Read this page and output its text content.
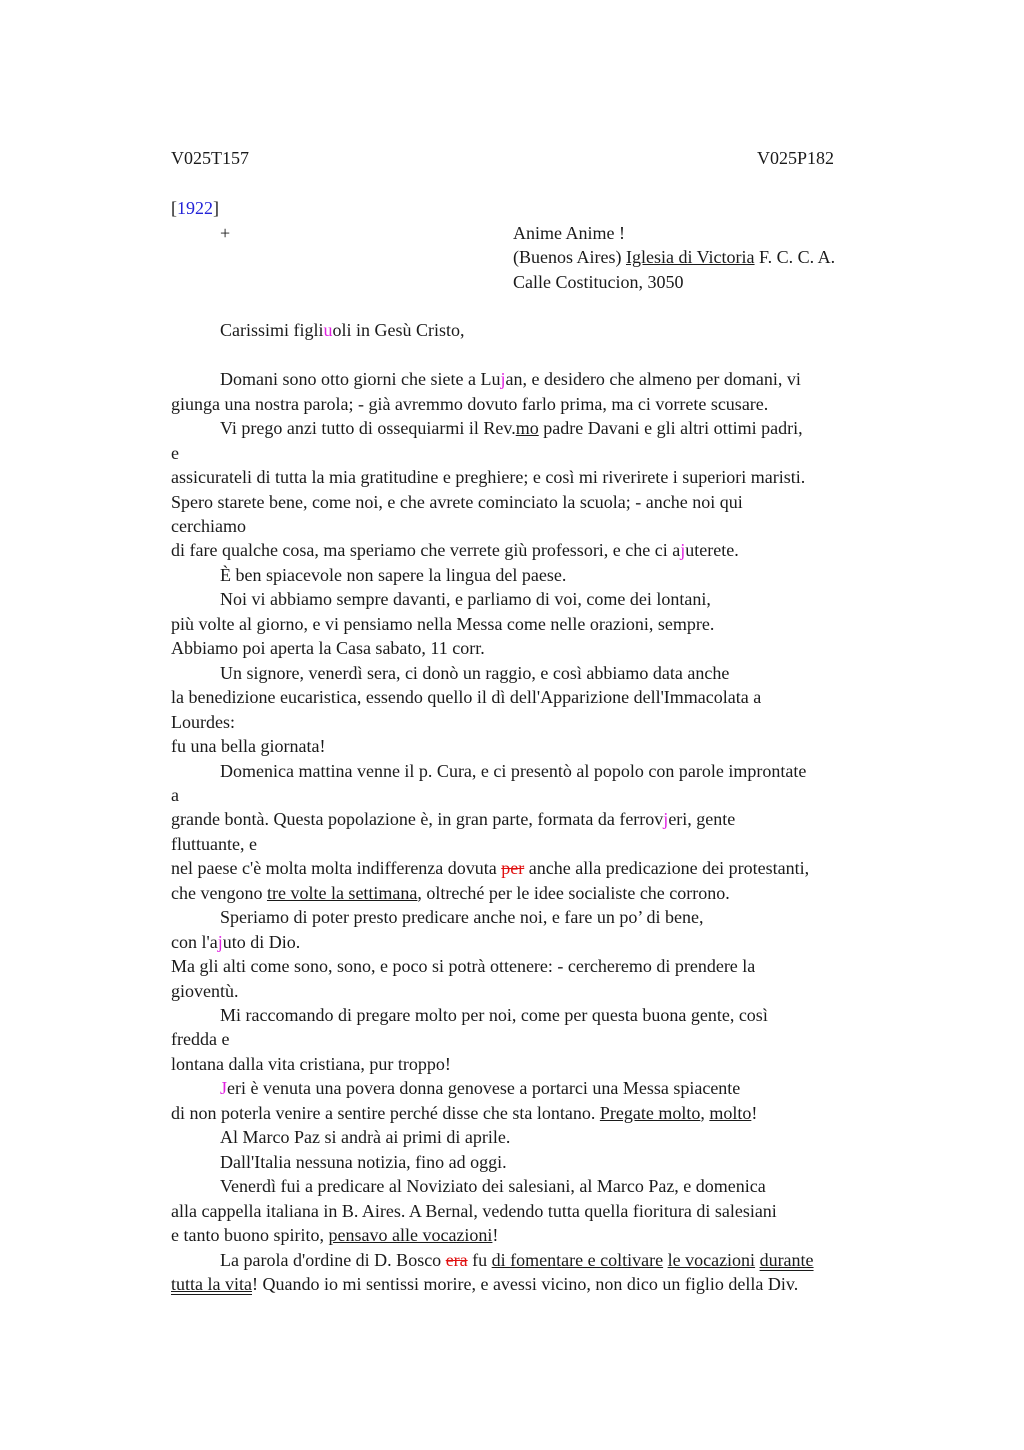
V025T157	V025P182
[1922]
+	Anime Anime !
(Buenos Aires) Iglesia di Victoria F. C. C. A.
Calle Costitucion, 3050
Carissimi figliuoli in Gesù Cristo,
Domani sono otto giorni che siete a Lujan, e desidero che almeno per domani, vi
giunga una nostra parola; - già avremmo dovuto farlo prima, ma ci vorrete scusare.
Vi prego anzi tutto di ossequiarmi il Rev.mo padre Davani e gli altri ottimi padri,
e
assicurateli di tutta la mia gratitudine e preghiere; e così mi riverirete i superiori maristi.
Spero starete bene, come noi, e che avrete cominciato la scuola; - anche noi qui
cerchiamo
di fare qualche cosa, ma speriamo che verrete giù professori, e che ci ajuterete.
È ben spiacevole non sapere la lingua del paese.
Noi vi abbiamo sempre davanti, e parliamo di voi, come dei lontani,
più volte al giorno, e vi pensiamo nella Messa come nelle orazioni, sempre.
Abbiamo poi aperta la Casa sabato, 11 corr.
Un signore, venerdì sera, ci donò un raggio, e così abbiamo data anche
la benedizione eucaristica, essendo quello il dì dell'Apparizione dell'Immacolata a
Lourdes:
fu una bella giornata!
Domenica mattina venne il p. Cura, e ci presentò al popolo con parole improntate
a
grande bontà. Questa popolazione è, in gran parte, formata da ferrovjeri, gente
fluttuante, e
nel paese c'è molta molta indifferenza dovuta per anche alla predicazione dei protestanti,
che vengono tre volte la settimana, oltreché per le idee socialiste che corrono.
Speriamo di poter presto predicare anche noi, e fare un po’ di bene,
con l'ajuto di Dio.
Ma gli alti come sono, sono, e poco si potrà ottenere: - cercheremo di prendere la
gioventù.
Mi raccomando di pregare molto per noi, come per questa buona gente, così
fredda e
lontana dalla vita cristiana, pur troppo!
Jeri è venuta una povera donna genovese a portarci una Messa spiacente
di non poterla venire a sentire perché disse che sta lontano. Pregate molto, molto!
Al Marco Paz si andrà ai primi di aprile.
Dall'Italia nessuna notizia, fino ad oggi.
Venerdì fui a predicare al Noviziato dei salesiani, al Marco Paz, e domenica
alla cappella italiana in B. Aires. A Bernal, vedendo tutta quella fioritura di salesiani
e tanto buono spirito, pensavo alle vocazioni!
La parola d'ordine di D. Bosco era fu di fomentare e coltivare le vocazioni durante
tutta la vita! Quando io mi sentissi morire, e avessi vicino, non dico un figlio della Div.
